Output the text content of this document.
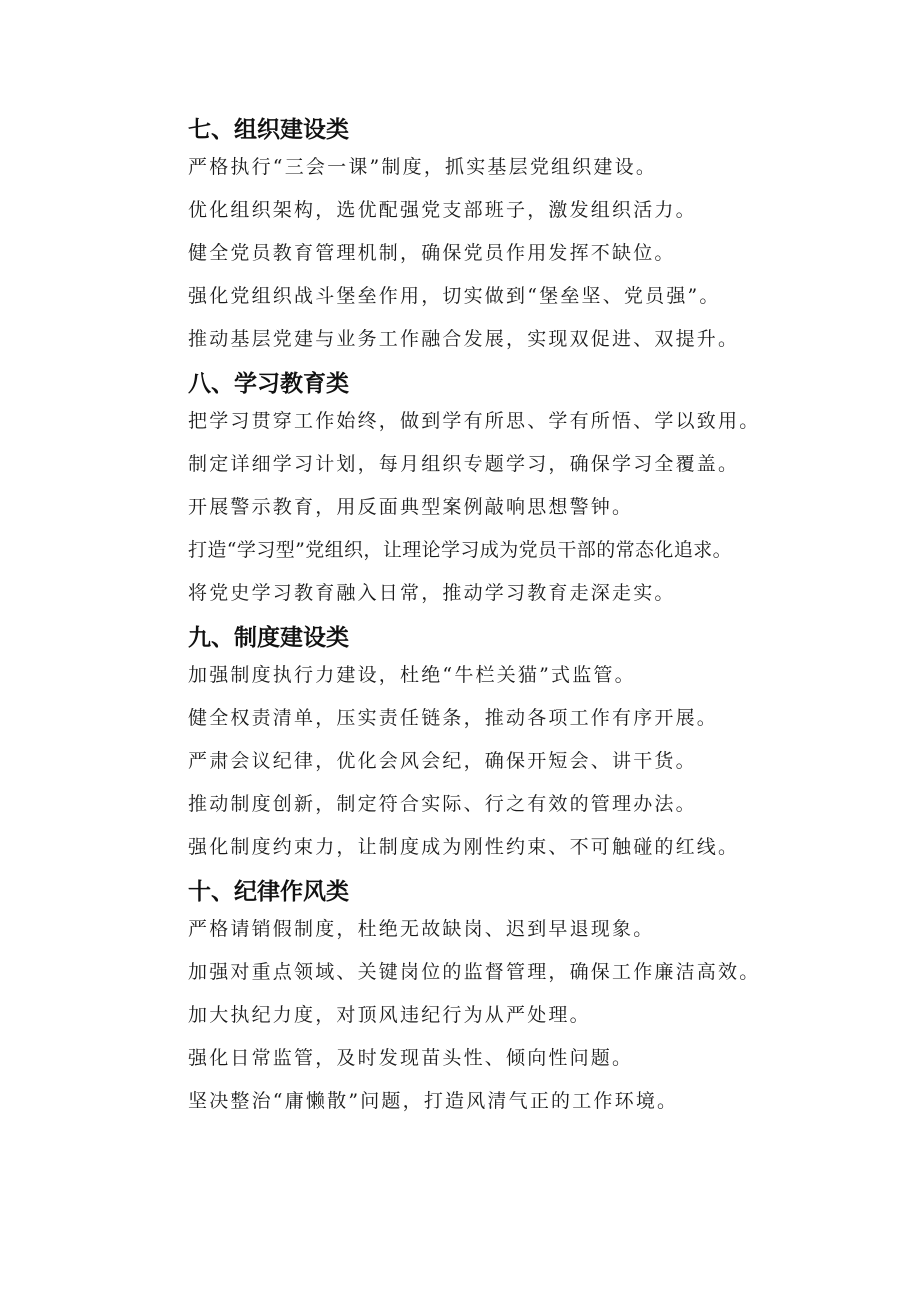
七、组织建设类

严格执行“三会一课”制度，抓实基层党组织建设。

优化组织架构，选优配强党支部班子，激发组织活力。

健全党员教育管理机制，确保党员作用发挥不缺位。

强化党组织战斗堡垒作用，切实做到“堡垒坚、党员强”。

推动基层党建与业务工作融合发展，实现双促进、双提升。

八、学习教育类

把学习贯穿工作始终，做到学有所思、学有所悟、学以致用。

制定详细学习计划，每月组织专题学习，确保学习全覆盖。

开展警示教育，用反面典型案例敲响思想警钟。

打造“学习型”党组织，让理论学习成为党员干部的常态化追求。

将党史学习教育融入日常，推动学习教育走深走实。

九、制度建设类

加强制度执行力建设，杜绝“牛栏关猫”式监管。

健全权责清单，压实责任链条，推动各项工作有序开展。

严肃会议纪律，优化会风会纪，确保开短会、讲干货。

推动制度创新，制定符合实际、行之有效的管理办法。

强化制度约束力，让制度成为刚性约束、不可触碰的红线。

十、纪律作风类

严格请销假制度，杜绝无故缺岗、迟到早退现象。

加强对重点领域、关键岗位的监督管理，确保工作廉洁高效。

加大执纪力度，对顶风违纪行为从严处理。

强化日常监管，及时发现苗头性、倾向性问题。

坚决整治“庸懒散”问题，打造风清气正的工作环境。
